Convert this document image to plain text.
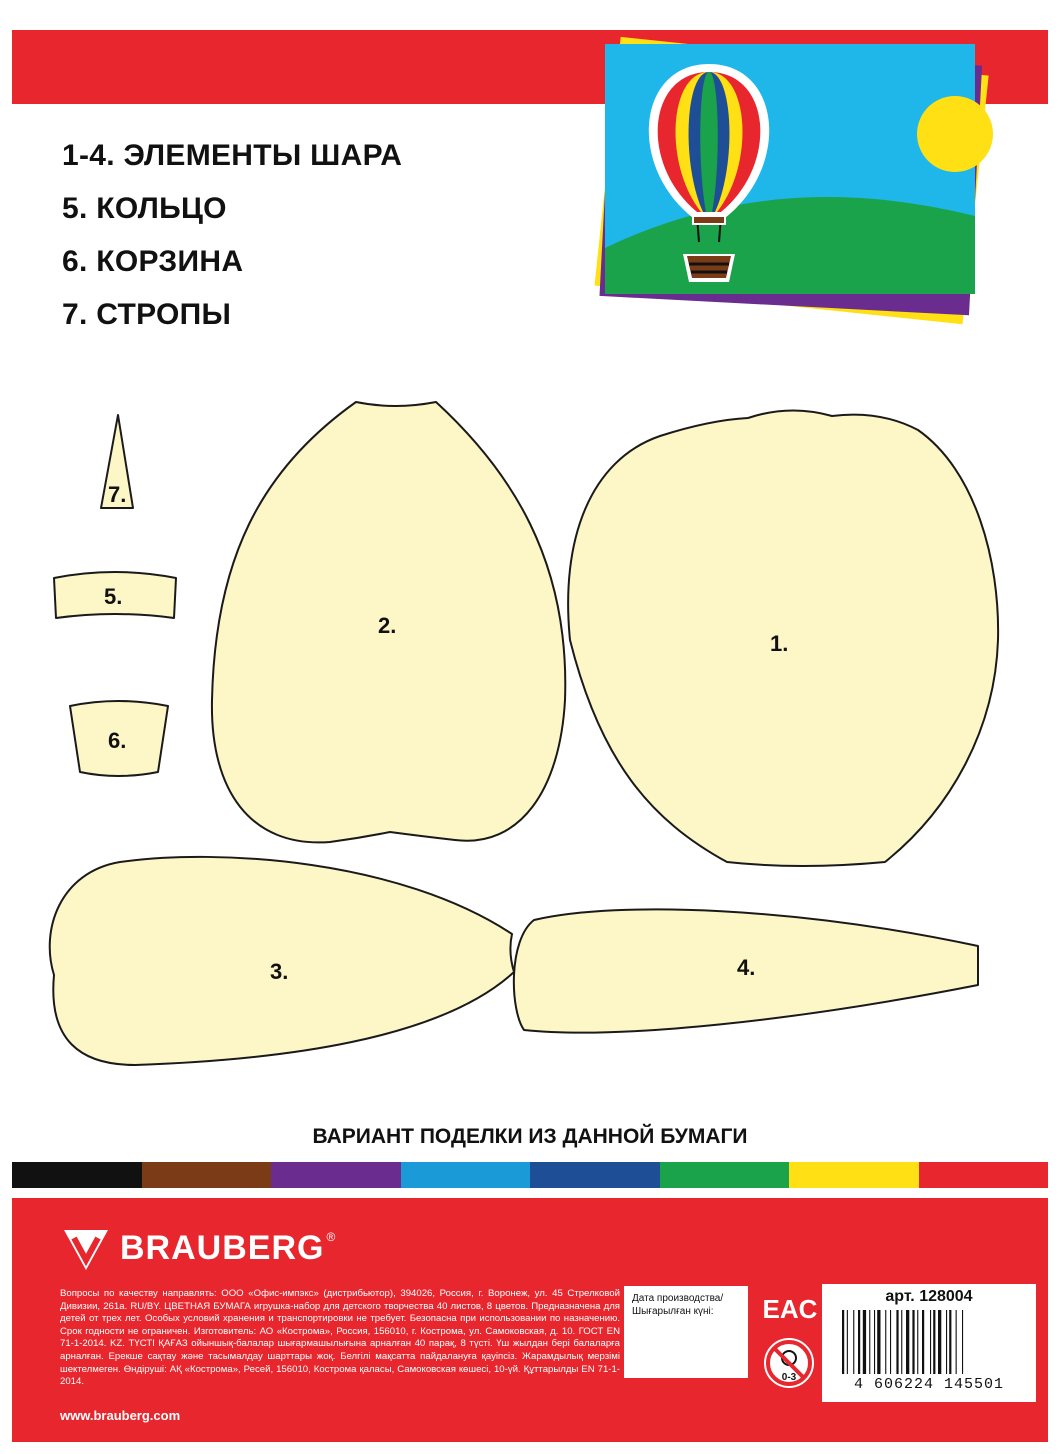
1-4. ЭЛЕМЕНТЫ ШАРА
5. КОЛЬЦО
6. КОРЗИНА
7. СТРОПЫ
7.
5.
6.
2.
1.
3.	4.
ВАРИАНТ ПОДЕЛКИ ИЗ ДАННОЙ БУМАГИ
BRAUBERG ®
Вопросы по качеству направлять: ООО «Офис-импэкс» (дистрибьютор), 394026, Россия, г. Воронеж, ул. 45 Стрелковой Дивизии, 261а. RU/BY. ЦВЕТНАЯ БУМАГА игрушка-набор для детского творчества 40 листов, 8 цветов. Предназначена для детей от трех лет. Особых условий хранения и транспортировки не требует. Безопасна при использовании по назначению. Срок годности не ограничен. Изготовитель: АО «Кострома», Россия, 156010, г. Кострома, ул. Самоковская, д. 10. ГОСТ EN 71-1-2014. KZ. ТҮСТІ ҚАҒАЗ ойыншық-балалар шығармашылығына арналған 40 парақ, 8 түсті. Үш жылдан бері балаларға арналған. Ерекше сақтау және тасымалдау шарттары жоқ. Белгілі мақсатта пайдалануға қауіпсіз. Жарамдылық мерзімі шектелмеген. Өндіруші: АҚ «Кострома», Ресей, 156010, Кострома қаласы, Самоковская көшесі, 10-үй. Құттарылды EN 71-1-2014.
www.brauberg.com
Дата производства/ Шығарылған күні:	EAC
0-3
арт. 128004
4 606224 145501
